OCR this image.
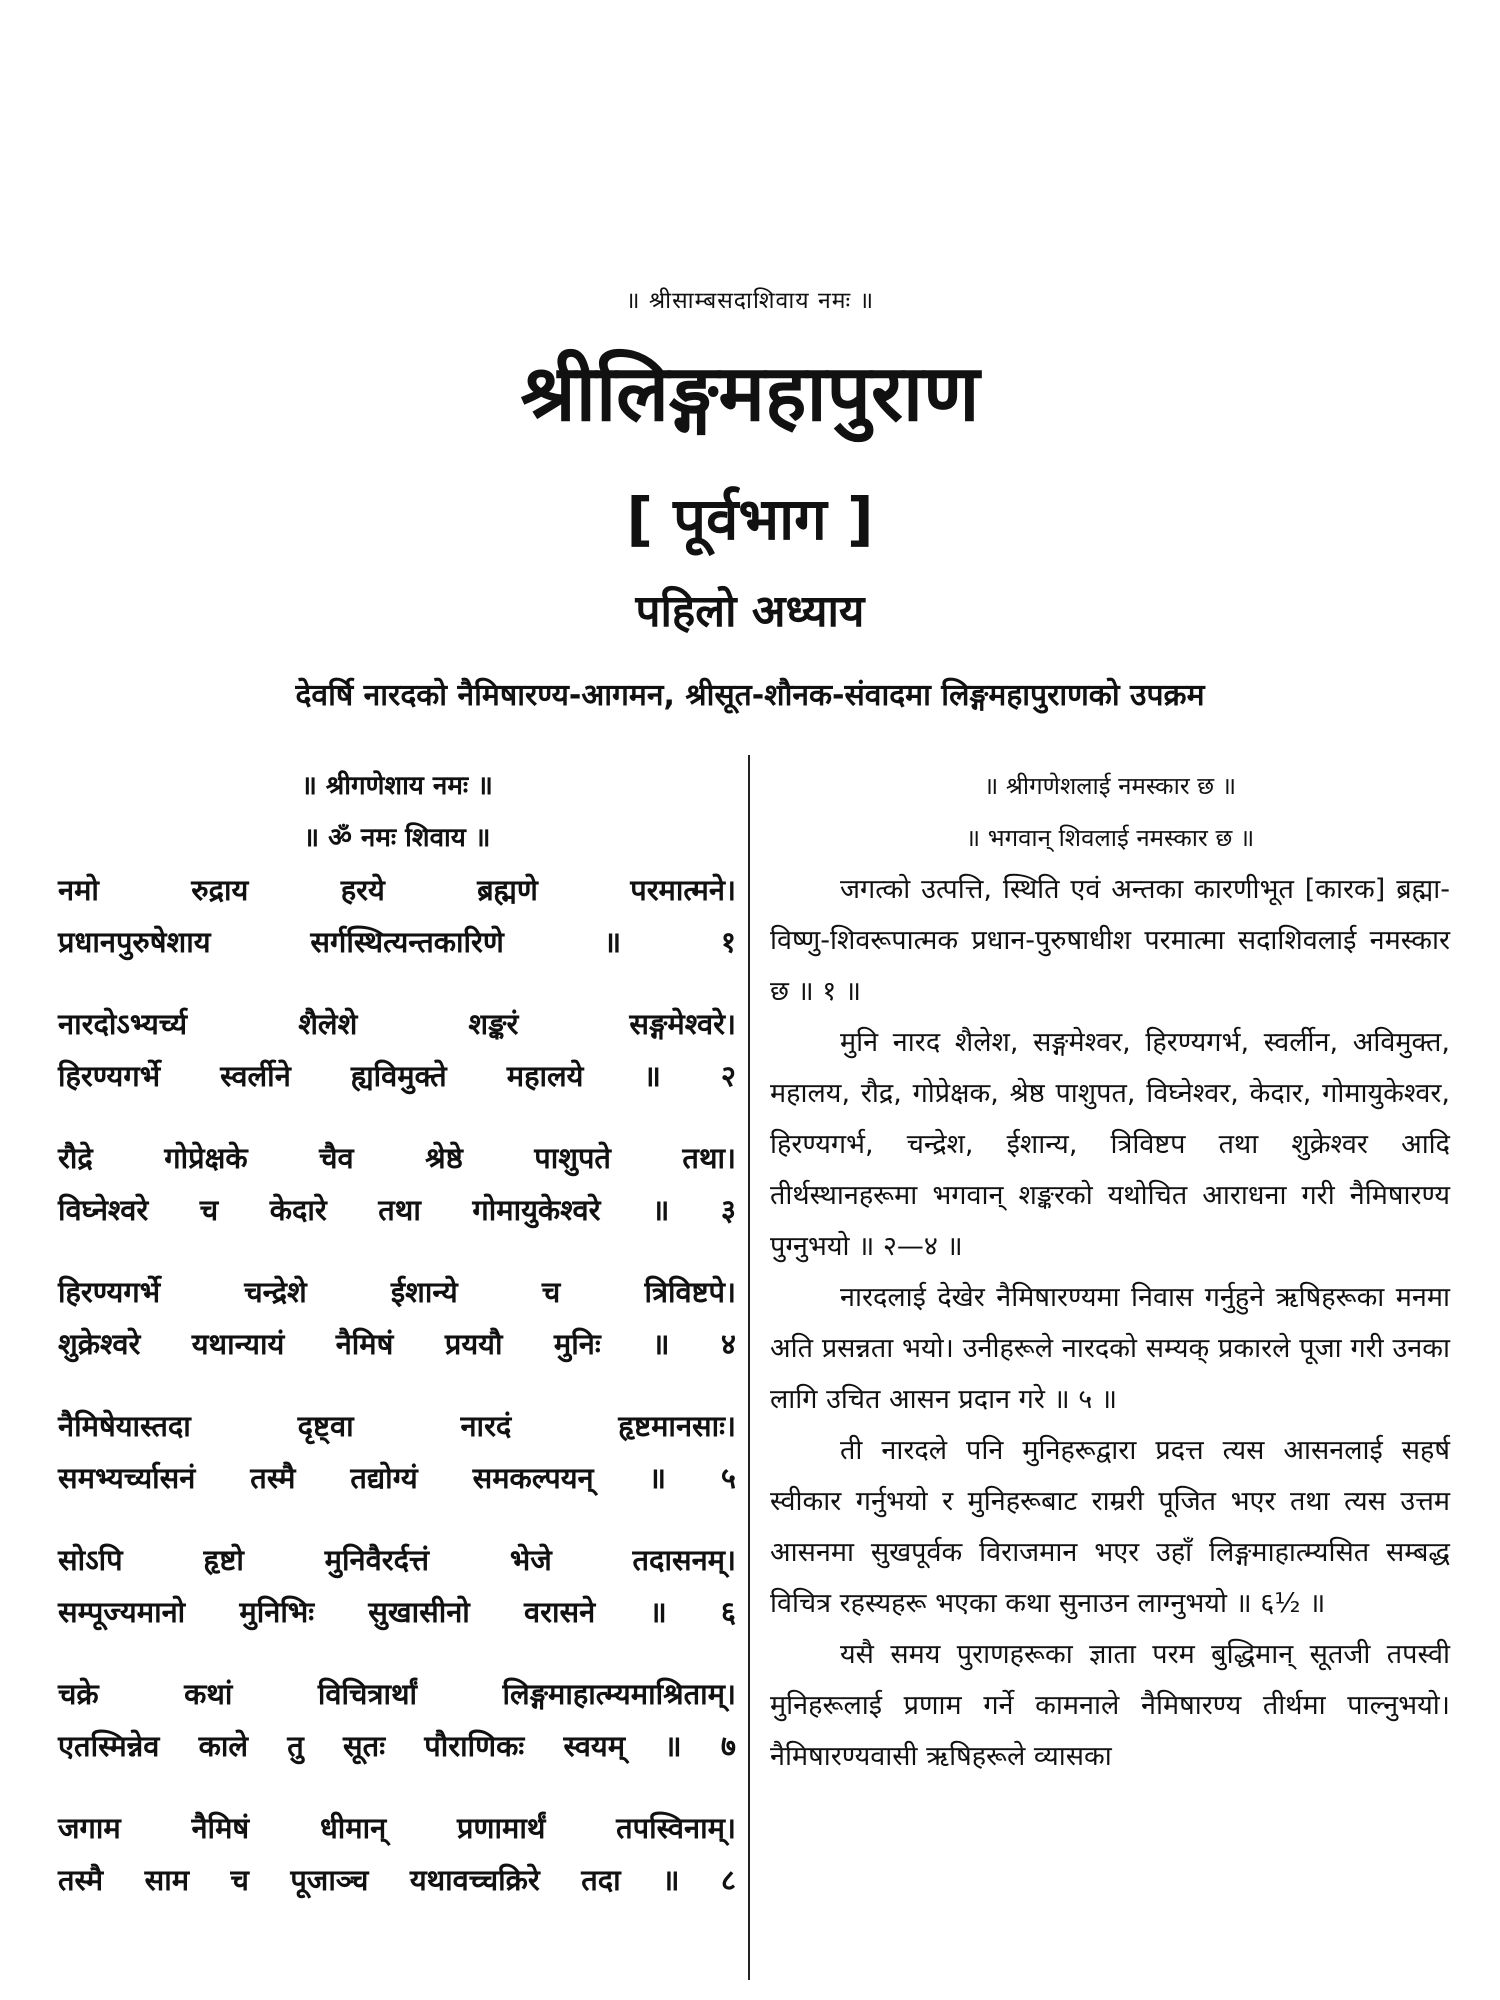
॥ श्रीसाम्बसदाशिवाय नमः ॥
श्रीलिङ्गमहापुराण
[ पूर्वभाग ]
पहिलो अध्याय
देवर्षि नारदको नैमिषारण्य-आगमन, श्रीसूत-शौनक-संवादमा लिङ्गमहापुराणको उपक्रम
॥ श्रीगणेशाय नमः ॥
॥ ॐ नमः शिवाय ॥
नमो रुद्राय हरये ब्रह्मणे परमात्मने।
प्रधानपुरुषेशाय सर्गस्थित्यन्तकारिणे ॥ १
नारदोऽभ्यर्च्य शैलेशे शङ्करं सङ्गमेश्वरे।
हिरण्यगर्भे स्वर्लीने ह्यविमुक्ते महालये ॥ २
रौद्रे गोप्रेक्षके चैव श्रेष्ठे पाशुपते तथा।
विघ्नेश्वरे च केदारे तथा गोमायुकेश्वरे ॥ ३
हिरण्यगर्भे चन्द्रेशे ईशान्ये च त्रिविष्टपे।
शुक्रेश्वरे यथान्यायं नैमिषं प्रययौ मुनिः ॥ ४
नैमिषेयास्तदा दृष्ट्वा नारदं हृष्टमानसाः।
समभ्यर्च्यासनं तस्मै तद्योग्यं समकल्पयन् ॥ ५
सोऽपि हृष्टो मुनिवैरर्दत्तं भेजे तदासनम्।
सम्पूज्यमानो मुनिभिः सुखासीनो वरासने ॥ ६
चक्रे कथां विचित्रार्थां लिङ्गमाहात्म्यमाश्रिताम्।
एतस्मिन्नेव काले तु सूतः पौराणिकः स्वयम् ॥ ७
जगाम नैमिषं धीमान् प्रणामार्थं तपस्विनाम्।
तस्मै साम च पूजाञ्च यथावच्चक्रिरे तदा ॥ ८
॥ श्रीगणेशलाई नमस्कार छ ॥
॥ भगवान् शिवलाई नमस्कार छ ॥

जगत्को उत्पत्ति, स्थिति एवं अन्तका कारणीभूत [कारक] ब्रह्मा-विष्णु-शिवरूपात्मक प्रधान-पुरुषाधीश परमात्मा सदाशिवलाई नमस्कार छ ॥ १ ॥

मुनि नारद शैलेश, सङ्गमेश्वर, हिरण्यगर्भ, स्वर्लीन, अविमुक्त, महालय, रौद्र, गोप्रेक्षक, श्रेष्ठ पाशुपत, विघ्नेश्वर, केदार, गोमायुकेश्वर, हिरण्यगर्भ, चन्द्रेश, ईशान्य, त्रिविष्टप तथा शुक्रेश्वर आदि तीर्थस्थानहरूमा भगवान् शङ्करको यथोचित आराधना गरी नैमिषारण्य पुग्नुभयो ॥ २—४ ॥

नारदलाई देखेर नैमिषारण्यमा निवास गर्नुहुने ऋषिहरूका मनमा अति प्रसन्नता भयो। उनीहरूले नारदको सम्यक् प्रकारले पूजा गरी उनका लागि उचित आसन प्रदान गरे ॥ ५ ॥

ती नारदले पनि मुनिहरूद्वारा प्रदत्त त्यस आसनलाई सहर्ष स्वीकार गर्नुभयो र मुनिहरूबाट राम्ररी पूजित भएर तथा त्यस उत्तम आसनमा सुखपूर्वक विराजमान भएर उहाँ लिङ्गमाहात्म्यसित सम्बद्ध विचित्र रहस्यहरू भएका कथा सुनाउन लाग्नुभयो ॥ ६½ ॥

यसै समय पुराणहरूका ज्ञाता परम बुद्धिमान् सूतजी तपस्वी मुनिहरूलाई प्रणाम गर्ने कामनाले नैमिषारण्य तीर्थमा पाल्नुभयो। नैमिषारण्यवासी ऋषिहरूले व्यासका
